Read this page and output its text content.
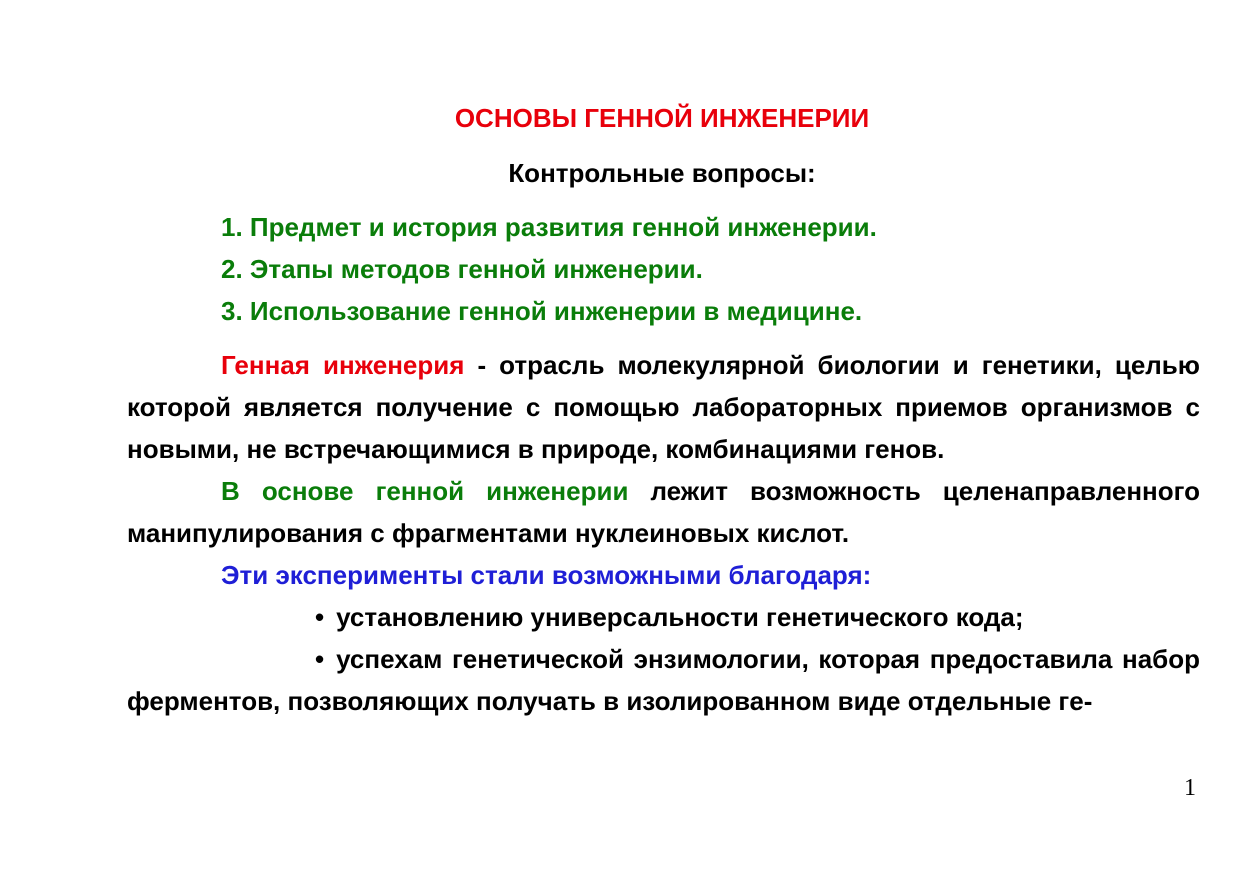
ОСНОВЫ ГЕННОЙ ИНЖЕНЕРИИ
Контрольные вопросы:
1. Предмет и история развития генной инженерии.
2. Этапы методов генной инженерии.
3. Использование генной инженерии в медицине.
Генная инженерия - отрасль молекулярной биологии и генетики, целью которой является получение с помощью лабораторных приемов организмов с новыми, не встречающимися в природе, комбинациями генов.
В основе генной инженерии лежит возможность целенаправленного манипулирования с фрагментами нуклеиновых кислот.
Эти эксперименты стали возможными благодаря:
• установлению универсальности генетического кода;
• успехам генетической энзимологии, которая предоставила набор ферментов, позволяющих получать в изолированном виде отдельные ге-
1
